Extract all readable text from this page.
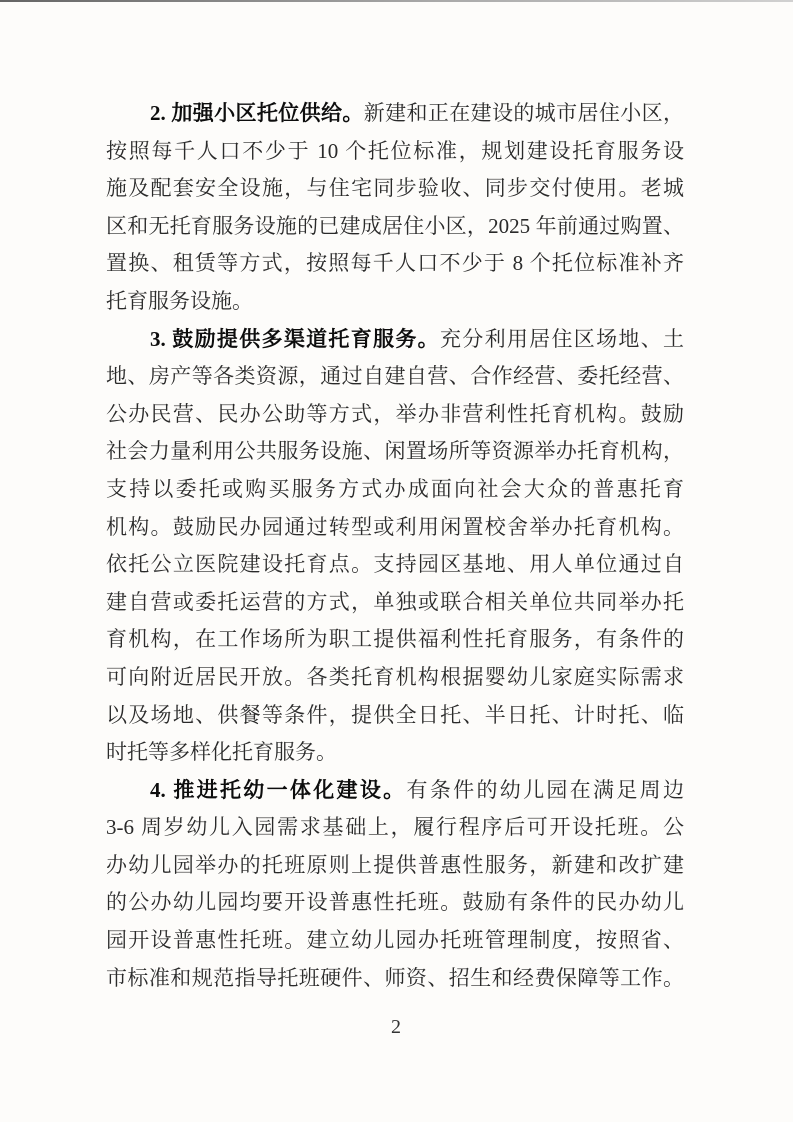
2. 加强小区托位供给。新建和正在建设的城市居住小区，
按照每千人口不少于 10 个托位标准，规划建设托育服务设
施及配套安全设施，与住宅同步验收、同步交付使用。老城
区和无托育服务设施的已建成居住小区，2025 年前通过购置、
置换、租赁等方式，按照每千人口不少于 8 个托位标准补齐
托育服务设施。
3. 鼓励提供多渠道托育服务。充分利用居住区场地、土
地、房产等各类资源，通过自建自营、合作经营、委托经营、
公办民营、民办公助等方式，举办非营利性托育机构。鼓励
社会力量利用公共服务设施、闲置场所等资源举办托育机构，
支持以委托或购买服务方式办成面向社会大众的普惠托育
机构。鼓励民办园通过转型或利用闲置校舍举办托育机构。
依托公立医院建设托育点。支持园区基地、用人单位通过自
建自营或委托运营的方式，单独或联合相关单位共同举办托
育机构，在工作场所为职工提供福利性托育服务，有条件的
可向附近居民开放。各类托育机构根据婴幼儿家庭实际需求
以及场地、供餐等条件，提供全日托、半日托、计时托、临
时托等多样化托育服务。
4. 推进托幼一体化建设。有条件的幼儿园在满足周边
3-6 周岁幼儿入园需求基础上，履行程序后可开设托班。公
办幼儿园举办的托班原则上提供普惠性服务，新建和改扩建
的公办幼儿园均要开设普惠性托班。鼓励有条件的民办幼儿
园开设普惠性托班。建立幼儿园办托班管理制度，按照省、
市标准和规范指导托班硬件、师资、招生和经费保障等工作。
2
